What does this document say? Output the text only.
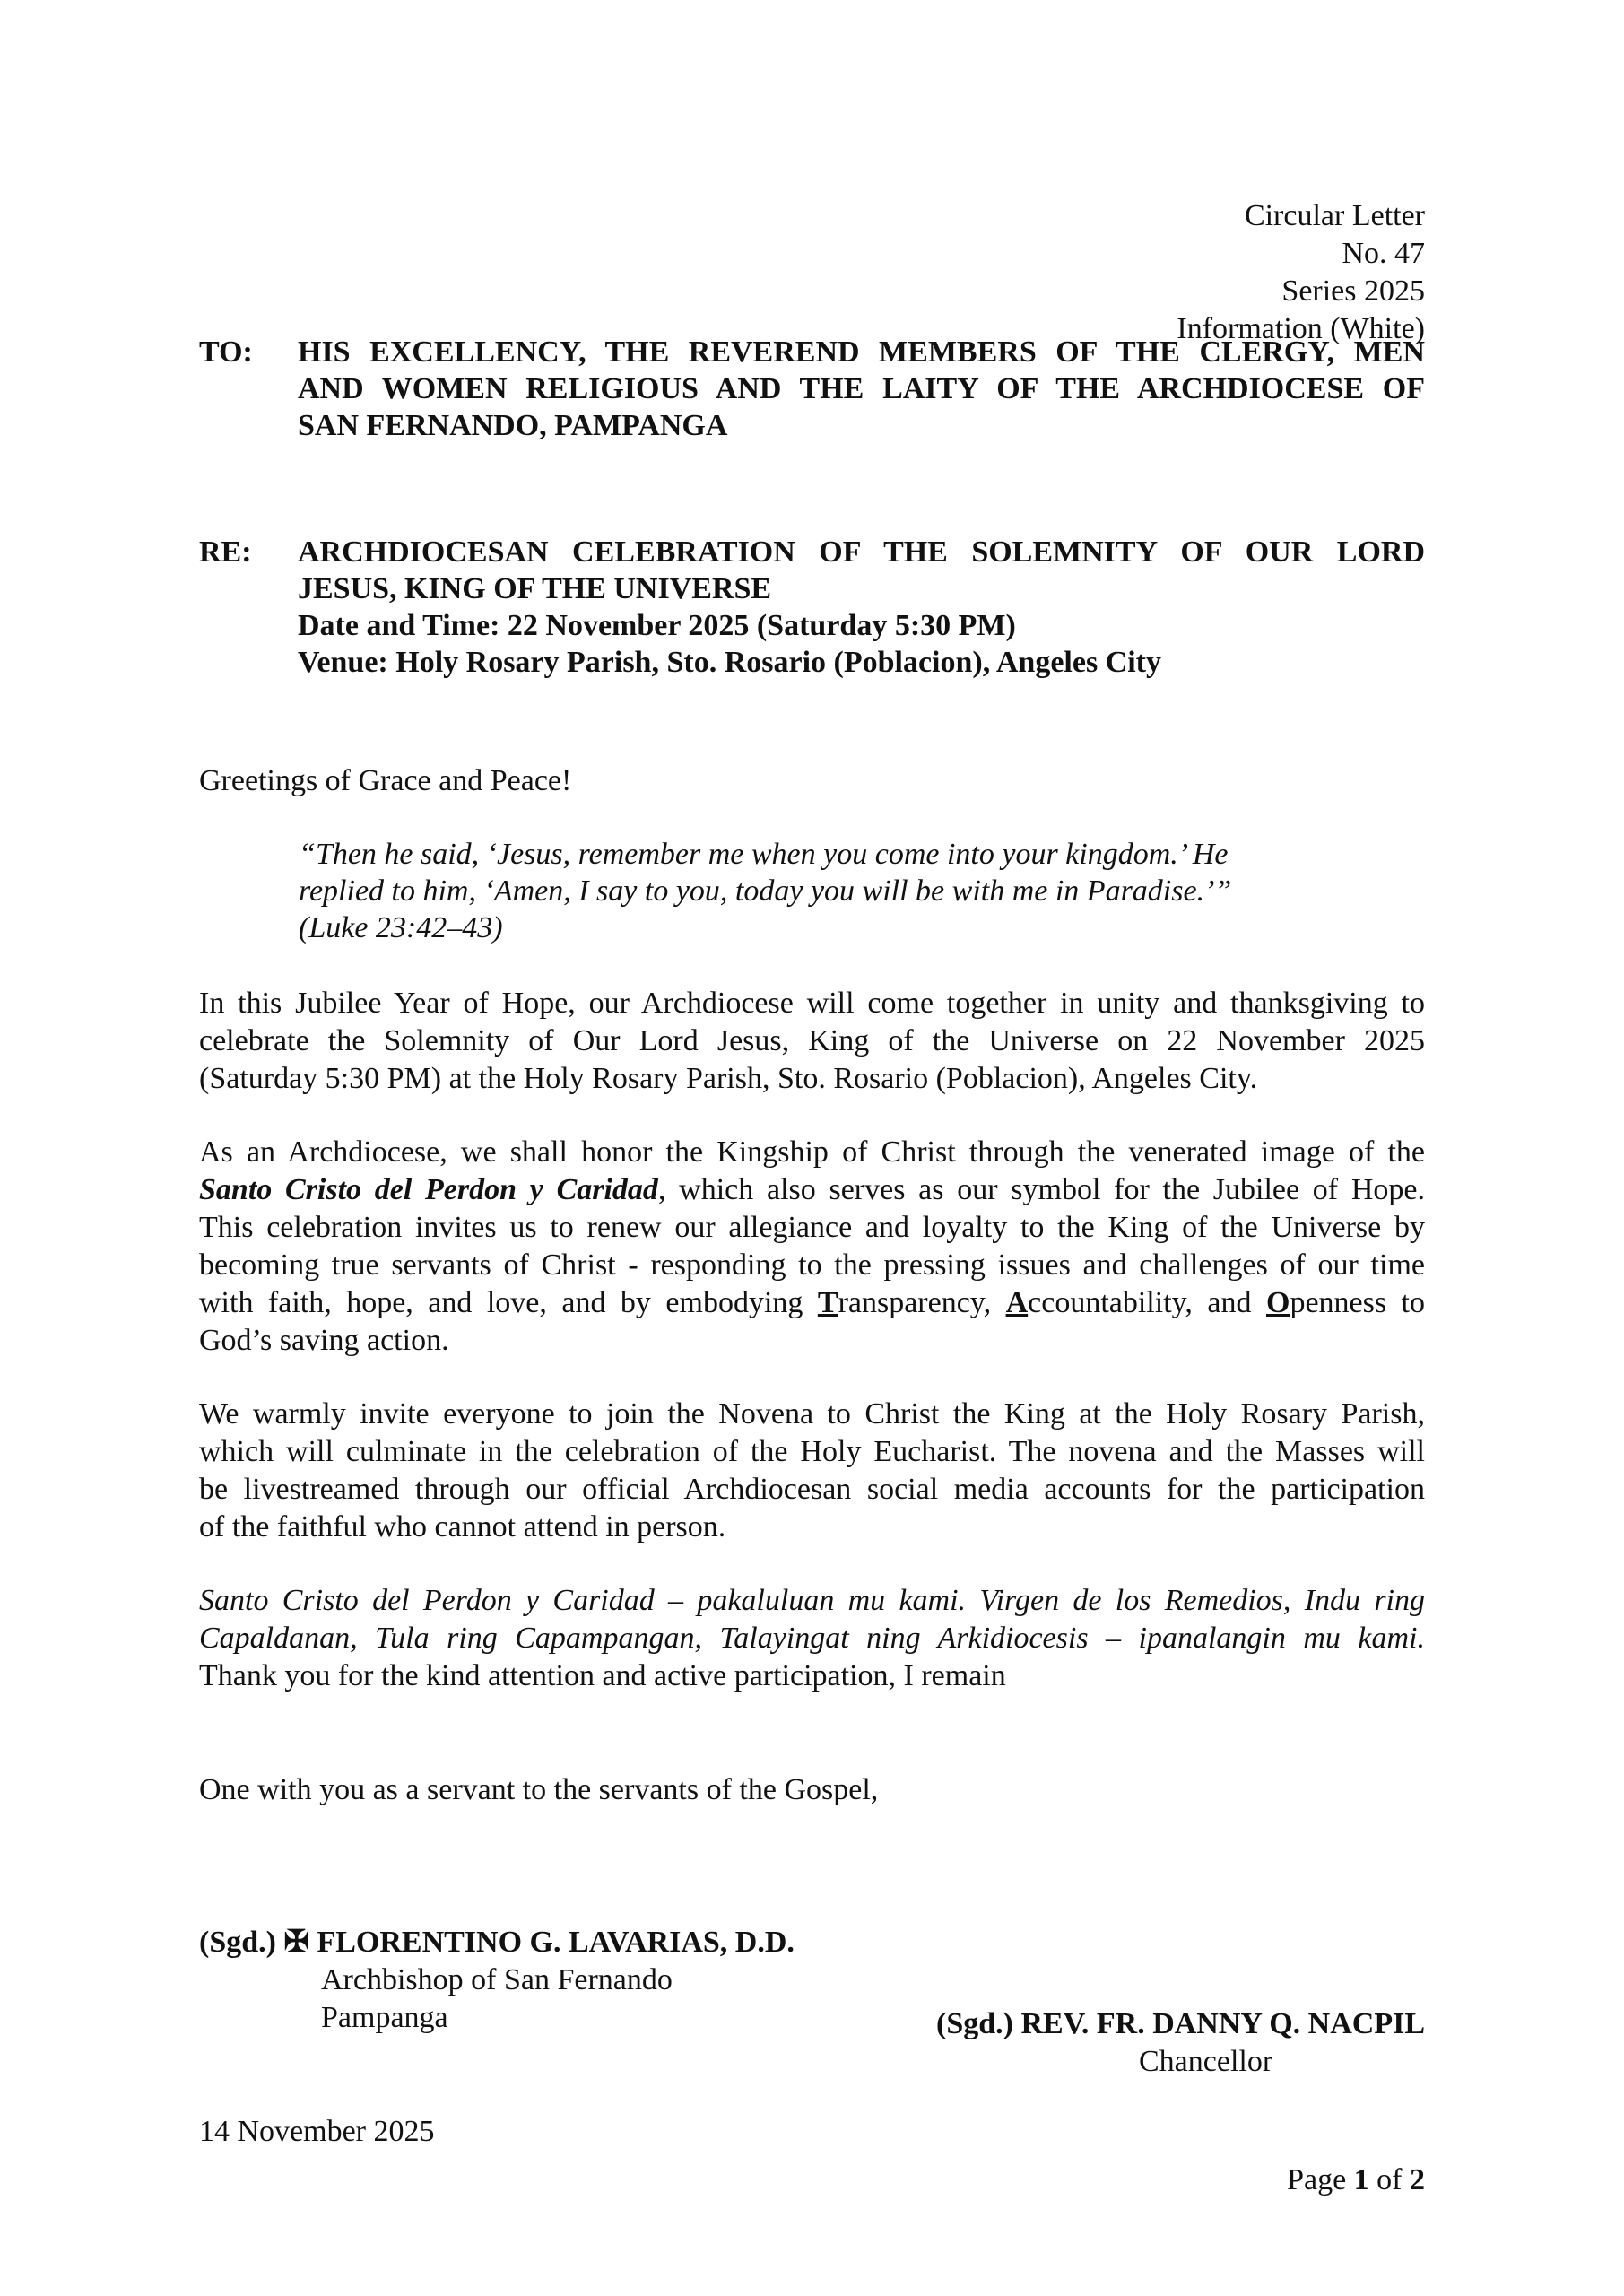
Circular Letter
No. 47
Series 2025
Information (White)
TO: HIS EXCELLENCY, THE REVEREND MEMBERS OF THE CLERGY, MEN
AND WOMEN RELIGIOUS AND THE LAITY OF THE ARCHDIOCESE OF
SAN FERNANDO, PAMPANGA
RE: ARCHDIOCESAN CELEBRATION OF THE SOLEMNITY OF OUR LORD
JESUS, KING OF THE UNIVERSE
Date and Time: 22 November 2025 (Saturday 5:30 PM)
Venue: Holy Rosary Parish, Sto. Rosario (Poblacion), Angeles City
Greetings of Grace and Peace!
“Then he said, ‘Jesus, remember me when you come into your kingdom.’ He
replied to him, ‘Amen, I say to you, today you will be with me in Paradise.’”
(Luke 23:42–43)
In this Jubilee Year of Hope, our Archdiocese will come together in unity and thanksgiving to
celebrate the Solemnity of Our Lord Jesus, King of the Universe on 22 November 2025
(Saturday 5:30 PM) at the Holy Rosary Parish, Sto. Rosario (Poblacion), Angeles City.
As an Archdiocese, we shall honor the Kingship of Christ through the venerated image of the
Santo Cristo del Perdon y Caridad, which also serves as our symbol for the Jubilee of Hope.
This celebration invites us to renew our allegiance and loyalty to the King of the Universe by
becoming true servants of Christ - responding to the pressing issues and challenges of our time
with faith, hope, and love, and by embodying Transparency, Accountability, and Openness to
God’s saving action.
We warmly invite everyone to join the Novena to Christ the King at the Holy Rosary Parish,
which will culminate in the celebration of the Holy Eucharist. The novena and the Masses will
be livestreamed through our official Archdiocesan social media accounts for the participation
of the faithful who cannot attend in person.
Santo Cristo del Perdon y Caridad – pakaluluan mu kami. Virgen de los Remedios, Indu ring
Capaldanan, Tula ring Capampangan, Talayingat ning Arkidiocesis – ipanalangin mu kami.
Thank you for the kind attention and active participation, I remain
One with you as a servant to the servants of the Gospel,
(Sgd.) ✠ FLORENTINO G. LAVARIAS, D.D.
Archbishop of San Fernando
Pampanga	(Sgd.) REV. FR. DANNY Q. NACPIL
Chancellor
14 November 2025
Page 1 of 2
